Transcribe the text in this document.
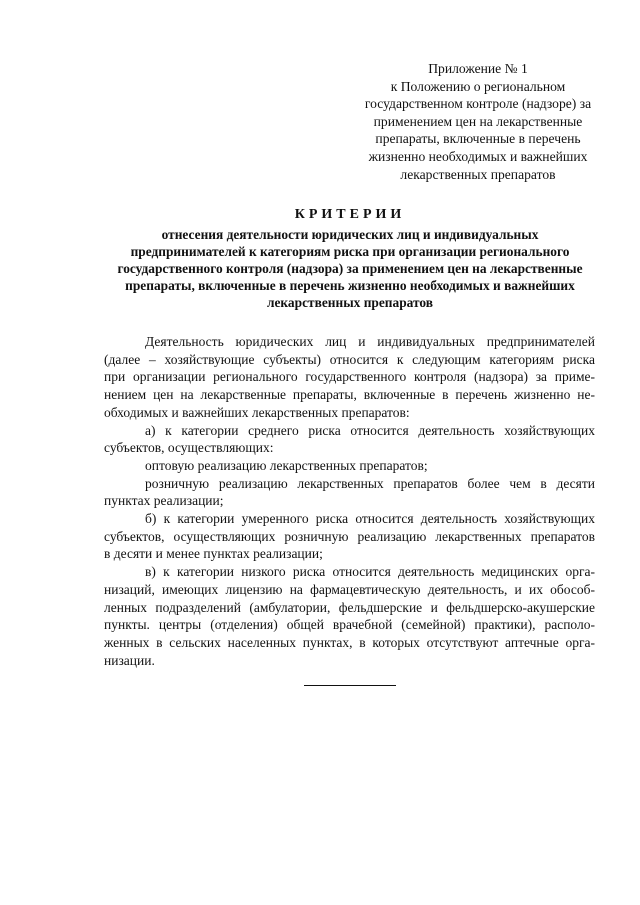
Приложение № 1
к Положению о региональном
государственном контроле (надзоре) за
применением цен на лекарственные
препараты, включенные в перечень
жизненно необходимых и важнейших
лекарственных препаратов
КРИТЕРИИ
отнесения деятельности юридических лиц и индивидуальных
предпринимателей к категориям риска при организации регионального
государственного контроля (надзора) за применением цен на лекарственные
препараты, включенные в перечень жизненно необходимых и важнейших
лекарственных препаратов
Деятельность юридических лиц и индивидуальных предпринимателей
(далее – хозяйствующие субъекты) относится к следующим категориям риска
при организации регионального государственного контроля (надзора) за приме-
нением цен на лекарственные препараты, включенные в перечень жизненно не-
обходимых и важнейших лекарственных препаратов:
а) к категории среднего риска относится деятельность хозяйствующих
субъектов, осуществляющих:
оптовую реализацию лекарственных препаратов;
розничную реализацию лекарственных препаратов более чем в десяти
пунктах реализации;
б) к категории умеренного риска относится деятельность хозяйствующих
субъектов, осуществляющих розничную реализацию лекарственных препаратов
в десяти и менее пунктах реализации;
в) к категории низкого риска относится деятельность медицинских орга-
низаций, имеющих лицензию на фармацевтическую деятельность, и их обособ-
ленных подразделений (амбулатории, фельдшерские и фельдшерско-акушерские
пункты. центры (отделения) общей врачебной (семейной) практики), располо-
женных в сельских населенных пунктах, в которых отсутствуют аптечные орга-
низации.
